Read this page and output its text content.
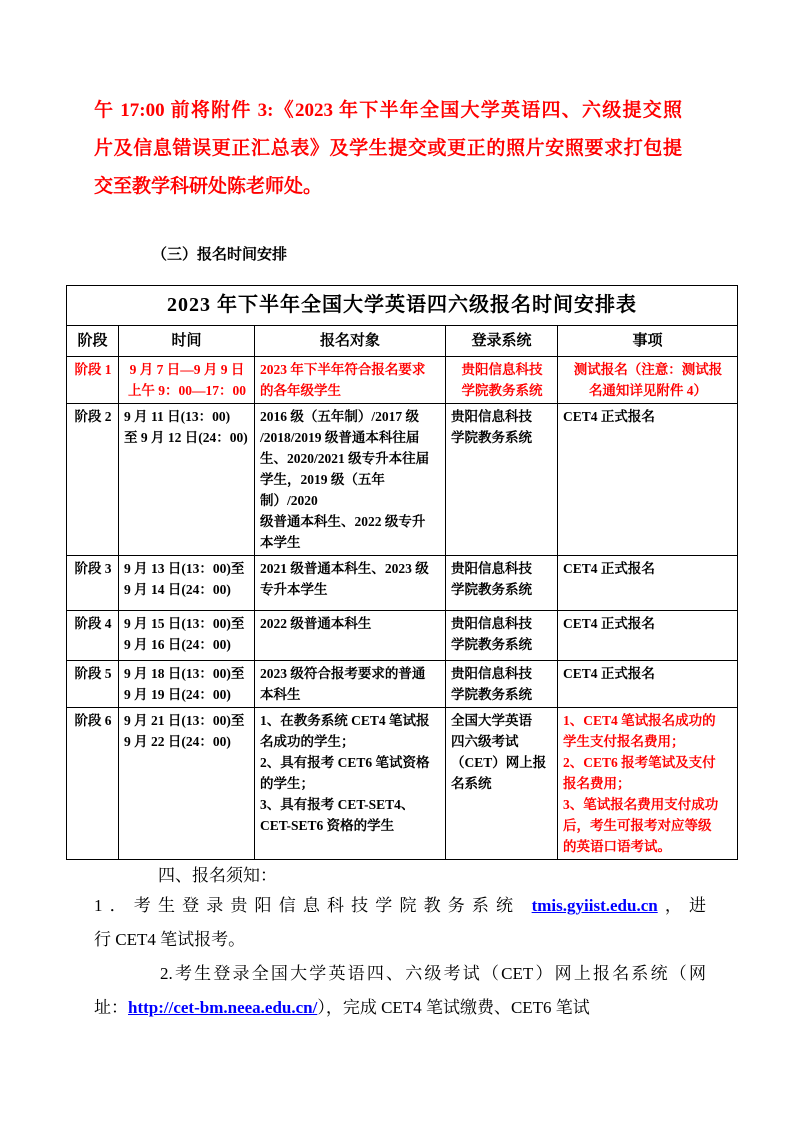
午 17:00 前将附件 3:《2023 年下半年全国大学英语四、六级提交照
片及信息错误更正汇总表》及学生提交或更正的照片安照要求打包提
交至教学科研处陈老师处。
（三）报名时间安排
2023 年下半年全国大学英语四六级报名时间安排表				
阶段	时间	报名对象	登录系统	事项
阶段 1	9 月 7 日—9 月 9 日
上午 9：00—17：00	2023 年下半年符合报名要求
的各年级学生	贵阳信息科技
学院教务系统	测试报名（注意：测试报
名通知详见附件 4）
阶段 2	9 月 11 日(13：00)
至 9 月 12 日(24：00)	2016 级（五年制）/2017 级
/2018/2019 级普通本科往届
生、2020/2021 级专升本往届
学生，2019 级（五年制）/2020
级普通本科生、2022 级专升
本学生	贵阳信息科技
学院教务系统	CET4 正式报名
阶段 3	9 月 13 日(13：00)至
9 月 14 日(24：00)	2021 级普通本科生、2023 级
专升本学生	贵阳信息科技
学院教务系统	CET4 正式报名
阶段 4	9 月 15 日(13：00)至
9 月 16 日(24：00)	2022 级普通本科生	贵阳信息科技
学院教务系统	CET4 正式报名
阶段 5	9 月 18 日(13：00)至
9 月 19 日(24：00)	2023 级符合报考要求的普通
本科生	贵阳信息科技
学院教务系统	CET4 正式报名
阶段 6	9 月 21 日(13：00)至
9 月 22 日(24：00)	1、在教务系统 CET4 笔试报
名成功的学生；
2、具有报考 CET6 笔试资格
的学生；
3、具有报考 CET-SET4、
CET-SET6 资格的学生	全国大学英语
四六级考试
（CET）网上报
名系统	1、CET4 笔试报名成功的
学生支付报名费用；
2、CET6 报考笔试及支付
报名费用；
3、笔试报名费用支付成功
后，考生可报考对应等级
的英语口语考试。
四、报名须知：
1．考生登录贵阳信息科技学院教务系统 tmis.gyiist.edu.cn，进
行 CET4 笔试报考。
2.考生登录全国大学英语四、六级考试（CET）网上报名系统（网
址：http://cet-bm.neea.edu.cn/），完成 CET4 笔试缴费、CET6 笔试
